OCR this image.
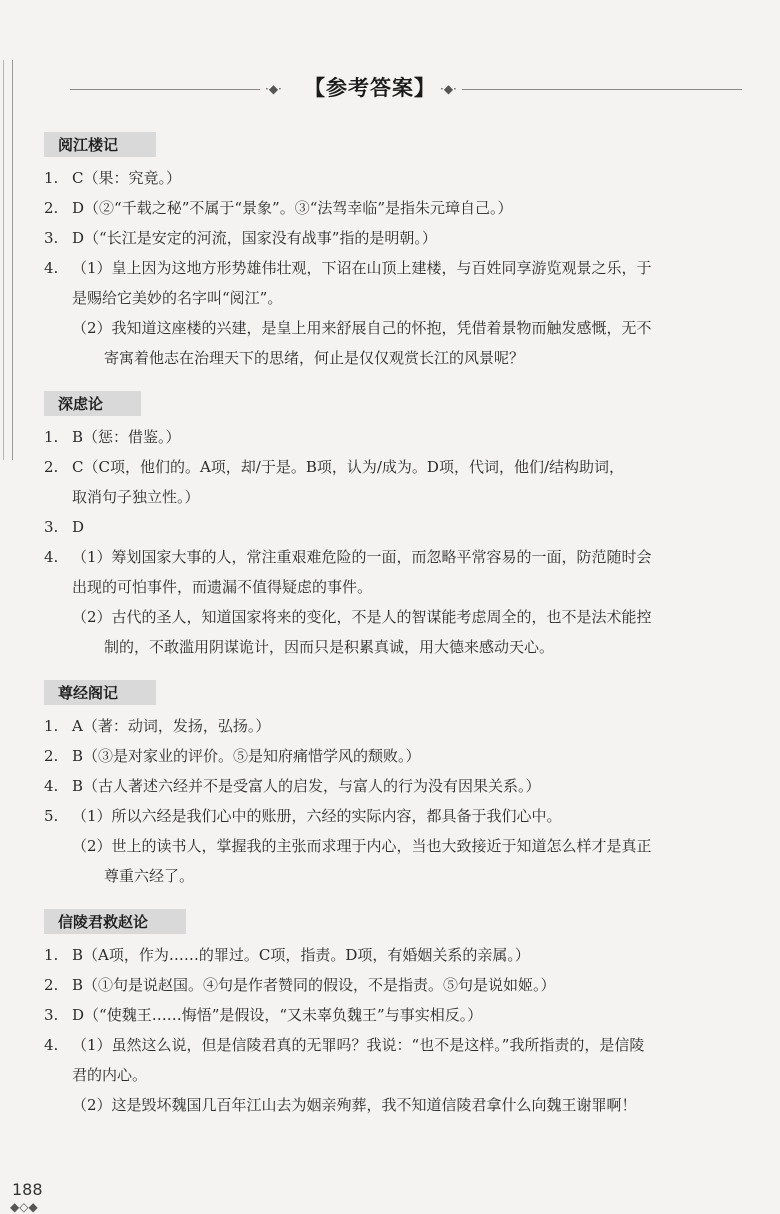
·◆· 【参考答案】 ·◆·
阅江楼记
1. C（果：究竟。）
2. D（②“千载之秘”不属于“景象”。③“法驾幸临”是指朱元璋自己。）
3. D（“长江是安定的河流，国家没有战事”指的是明朝。）
4. （1）皇上因为这地方形势雄伟壮观，下诏在山顶上建楼，与百姓同享游览观景之乐，于
是赐给它美妙的名字叫“阅江”。
（2）我知道这座楼的兴建，是皇上用来舒展自己的怀抱，凭借着景物而触发感慨，无不
寄寓着他志在治理天下的思绪，何止是仅仅观赏长江的风景呢？
深虑论
1. B（惩：借鉴。）
2. C（C项，他们的。A项，却/于是。B项，认为/成为。D项，代词，他们/结构助词，
取消句子独立性。）
3. D
4. （1）筹划国家大事的人，常注重艰难危险的一面，而忽略平常容易的一面，防范随时会
出现的可怕事件，而遗漏不值得疑虑的事件。
（2）古代的圣人，知道国家将来的变化，不是人的智谋能考虑周全的，也不是法术能控
制的，不敢滥用阴谋诡计，因而只是积累真诚，用大德来感动天心。
尊经阁记
1. A（著：动词，发扬，弘扬。）
2. B（③是对家业的评价。⑤是知府痛惜学风的颓败。）
4. B（古人著述六经并不是受富人的启发，与富人的行为没有因果关系。）
5. （1）所以六经是我们心中的账册，六经的实际内容，都具备于我们心中。
（2）世上的读书人，掌握我的主张而求理于内心，当也大致接近于知道怎么样才是真正
尊重六经了。
信陵君救赵论
1. B（A项，作为……的罪过。C项，指责。D项，有婚姻关系的亲属。）
2. B（①句是说赵国。④句是作者赞同的假设，不是指责。⑤句是说如姬。）
3. D（“使魏王……悔悟”是假设，“又未辜负魏王”与事实相反。）
4. （1）虽然这么说，但是信陵君真的无罪吗？我说：“也不是这样。”我所指责的，是信陵
君的内心。
（2）这是毁坏魏国几百年江山去为姻亲殉葬，我不知道信陵君拿什么向魏王谢罪啊！
188
◆◇◆
